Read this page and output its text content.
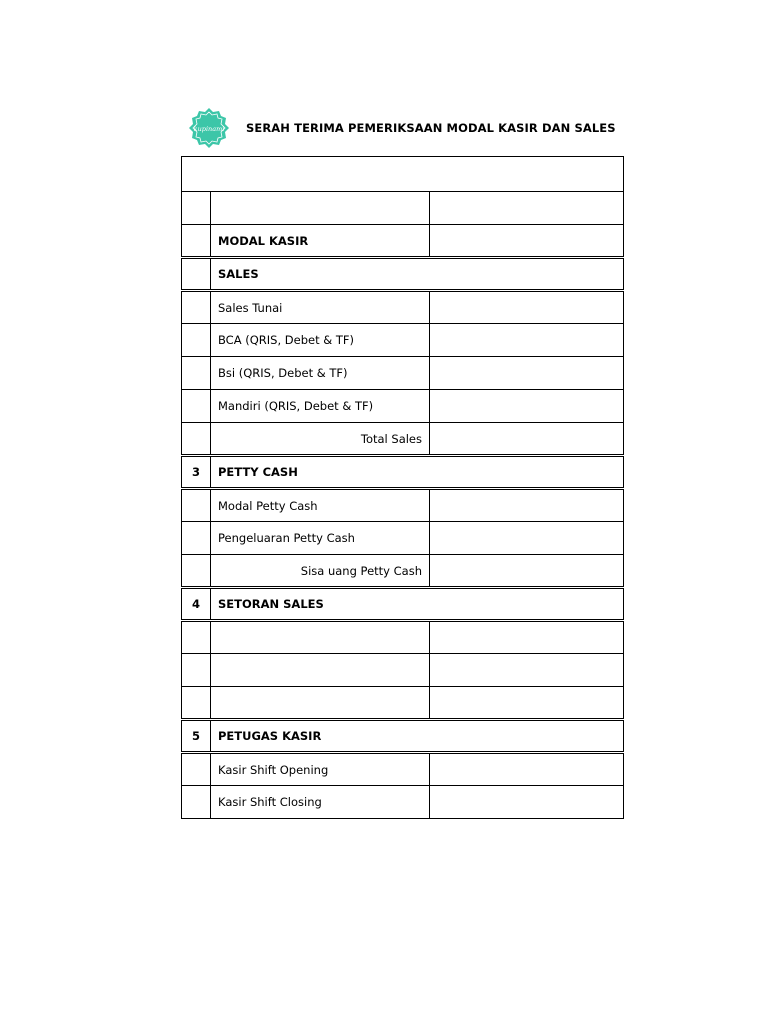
kupinami SERAH TERIMA PEMERIKSAAN MODAL KASIR DAN SALES

	MODAL KASIR	
	SALES	
	Sales Tunai	
	BCA (QRIS, Debet & TF)	
	Bsi (QRIS, Debet & TF)	
	Mandiri (QRIS, Debet & TF)	
	Total Sales	
3	PETTY CASH	
	Modal Petty Cash	
	Pengeluaran Petty Cash	
	Sisa uang Petty Cash	
4	SETORAN SALES	

5	PETUGAS KASIR	
	Kasir Shift Opening	
	Kasir Shift Closing	
